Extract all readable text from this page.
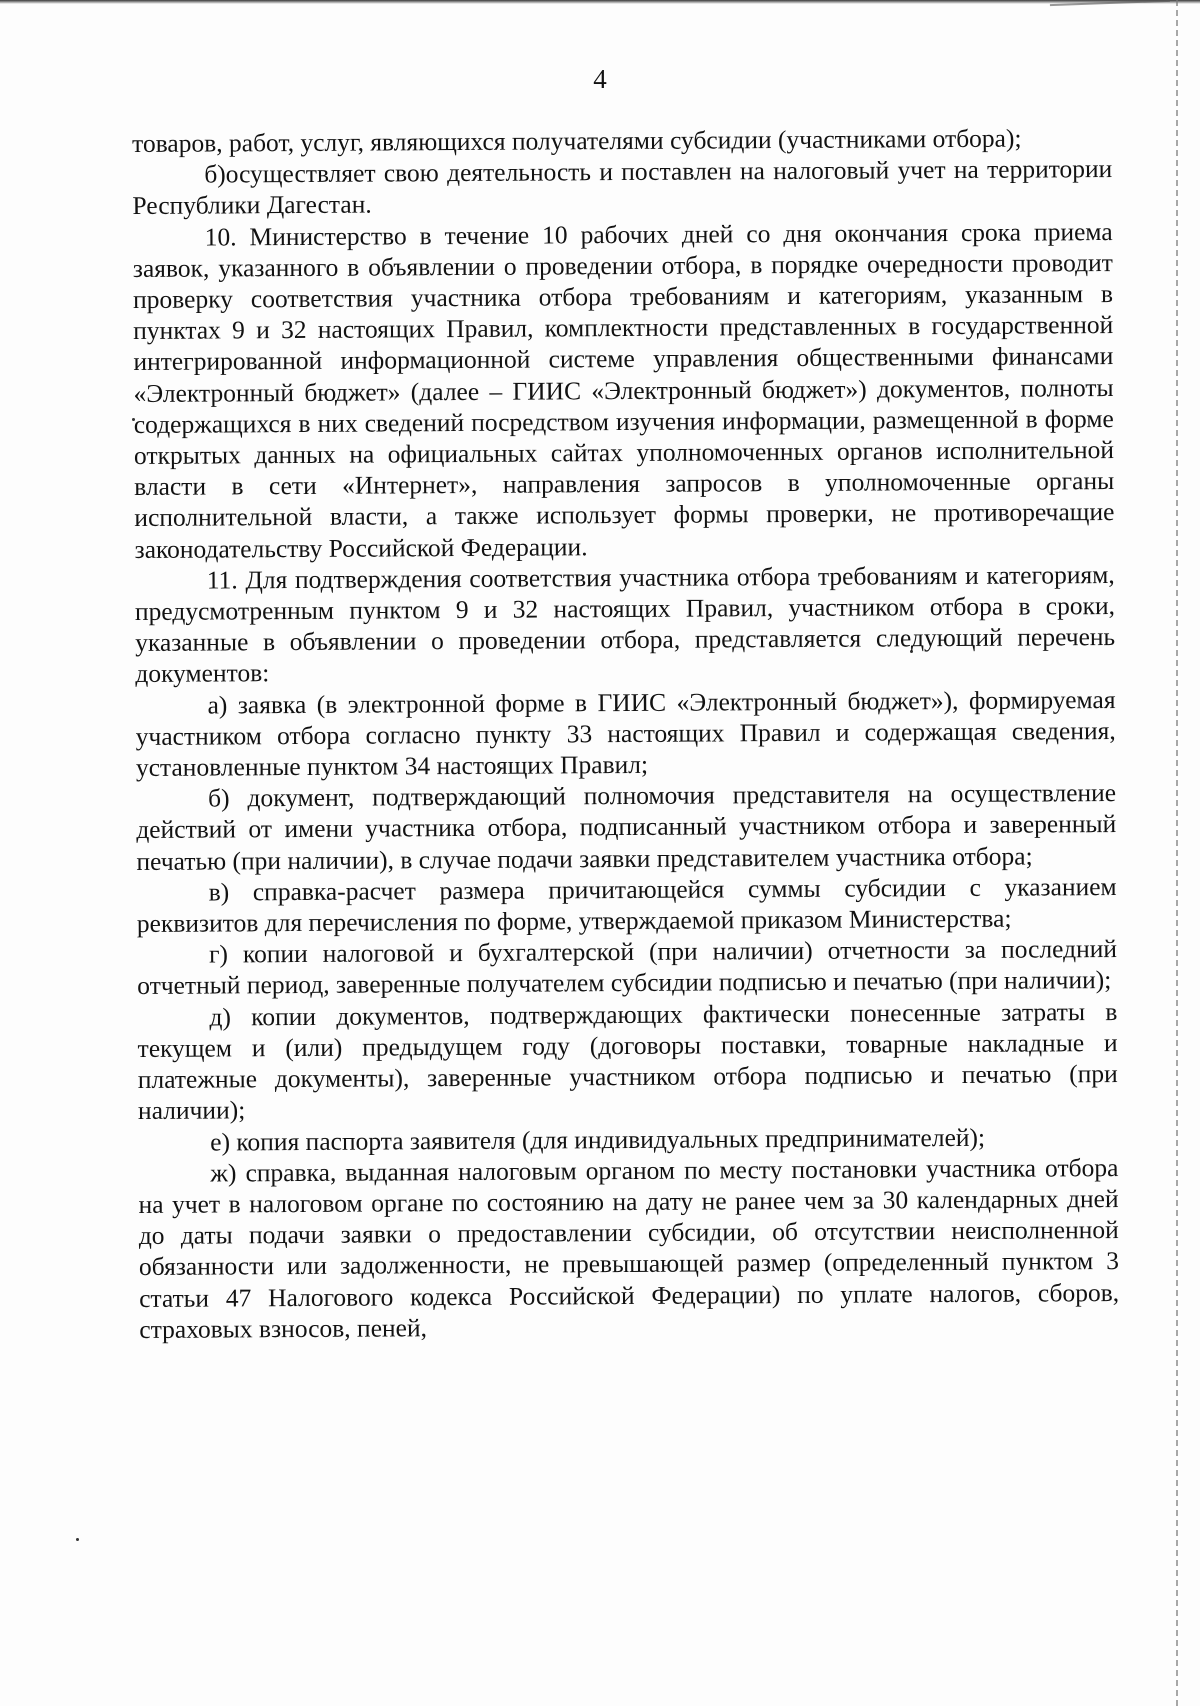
4

товаров, работ, услуг, являющихся получателями субсидии (участниками отбора);

б)осуществляет свою деятельность и поставлен на налоговый учет на территории Республики Дагестан.

10. Министерство в течение 10 рабочих дней со дня окончания срока приема заявок, указанного в объявлении о проведении отбора, в порядке очередности проводит проверку соответствия участника отбора требованиям и категориям, указанным в пунктах 9 и 32 настоящих Правил, комплектности представленных в государственной интегрированной информационной системе управления общественными финансами «Электронный бюджет» (далее – ГИИС «Электронный бюджет») документов, полноты содержащихся в них сведений посредством изучения информации, размещенной в форме открытых данных на официальных сайтах уполномоченных органов исполнительной власти в сети «Интернет», направления запросов в уполномоченные органы исполнительной власти, а также использует формы проверки, не противоречащие законодательству Российской Федерации.

11. Для подтверждения соответствия участника отбора требованиям и категориям, предусмотренным пунктом 9 и 32 настоящих Правил, участником отбора в сроки, указанные в объявлении о проведении отбора, представляется следующий перечень документов:

а) заявка (в электронной форме в ГИИС «Электронный бюджет»), формируемая участником отбора согласно пункту 33 настоящих Правил и содержащая сведения, установленные пунктом 34 настоящих Правил;

б) документ, подтверждающий полномочия представителя на осуществление действий от имени участника отбора, подписанный участником отбора и заверенный печатью (при наличии), в случае подачи заявки представителем участника отбора;

в) справка-расчет размера причитающейся суммы субсидии с указанием реквизитов для перечисления по форме, утверждаемой приказом Министерства;

г) копии налоговой и бухгалтерской (при наличии) отчетности за последний отчетный период, заверенные получателем субсидии подписью и печатью (при наличии);

д) копии документов, подтверждающих фактически понесенные затраты в текущем и (или) предыдущем году (договоры поставки, товарные накладные и платежные документы), заверенные участником отбора подписью и печатью (при наличии);

е) копия паспорта заявителя (для индивидуальных предпринимателей);

ж) справка, выданная налоговым органом по месту постановки участника отбора на учет в налоговом органе по состоянию на дату не ранее чем за 30 календарных дней до даты подачи заявки о предоставлении субсидии, об отсутствии неисполненной обязанности или задолженности, не превышающей размер (определенный пунктом 3 статьи 47 Налогового кодекса Российской Федерации) по уплате налогов, сборов, страховых взносов, пеней,
